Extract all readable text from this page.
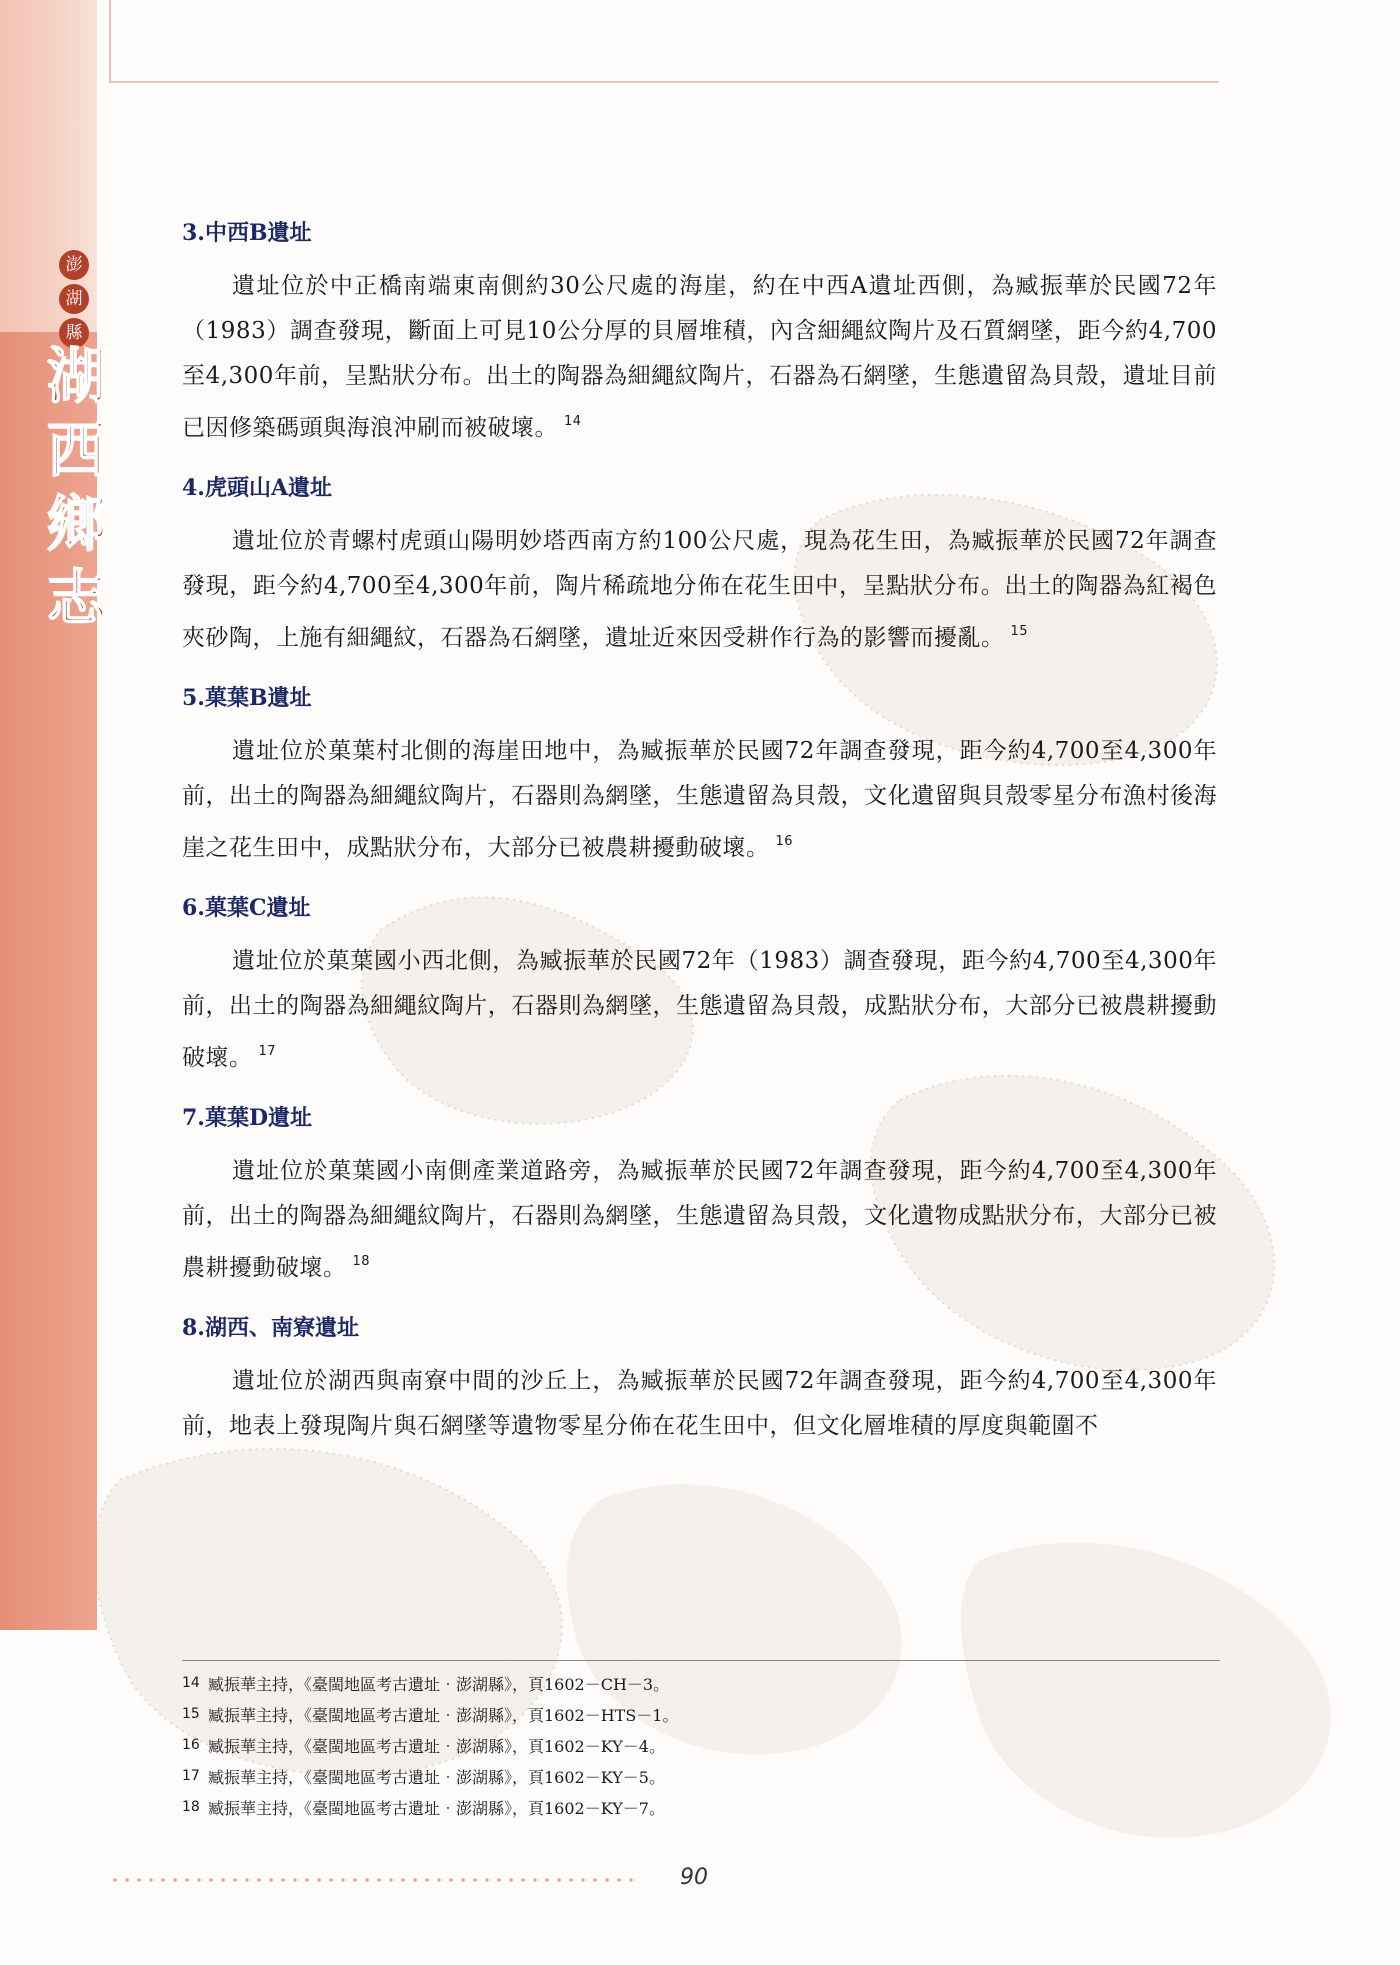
澎
湖
縣
湖
西
鄉
志
3.中西B遺址

遺址位於中正橋南端東南側約30公尺處的海崖，約在中西A遺址西側，為臧振華於民國72年（1983）調查發現，斷面上可見10公分厚的貝層堆積，內含細繩紋陶片及石質網墜，距今約4,700至4,300年前，呈點狀分布。出土的陶器為細繩紋陶片，石器為石網墜，生態遺留為貝殼，遺址目前已因修築碼頭與海浪沖刷而被破壞。 $^{14}$

4.虎頭山A遺址

遺址位於青螺村虎頭山陽明妙塔西南方約100公尺處，現為花生田，為臧振華於民國72年調查發現，距今約4,700至4,300年前，陶片稀疏地分佈在花生田中，呈點狀分布。出土的陶器為紅褐色夾砂陶，上施有細繩紋，石器為石網墜，遺址近來因受耕作行為的影響而擾亂。 $^{15}$

5.菓葉B遺址

遺址位於菓葉村北側的海崖田地中，為臧振華於民國72年調查發現，距今約4,700至4,300年前，出土的陶器為細繩紋陶片，石器則為網墜，生態遺留為貝殼，文化遺留與貝殼零星分布漁村後海崖之花生田中，成點狀分布，大部分已被農耕擾動破壞。 $^{16}$

6.菓葉C遺址

遺址位於菓葉國小西北側，為臧振華於民國72年（1983）調查發現，距今約4,700至4,300年前，出土的陶器為細繩紋陶片，石器則為網墜，生態遺留為貝殼，成點狀分布，大部分已被農耕擾動破壞。 $^{17}$

7.菓葉D遺址

遺址位於菓葉國小南側產業道路旁，為臧振華於民國72年調查發現，距今約4,700至4,300年前，出土的陶器為細繩紋陶片，石器則為網墜，生態遺留為貝殼，文化遺物成點狀分布，大部分已被農耕擾動破壞。 $^{18}$

8.湖西、南寮遺址

遺址位於湖西與南寮中間的沙丘上，為臧振華於民國72年調查發現，距今約4,700至4,300年前，地表上發現陶片與石網墜等遺物零星分佈在花生田中，但文化層堆積的厚度與範圍不

14 臧振華主持，《臺閩地區考古遺址‧澎湖縣》，頁1602－CH－3。
15 臧振華主持，《臺閩地區考古遺址‧澎湖縣》，頁1602－HTS－1。
16 臧振華主持，《臺閩地區考古遺址‧澎湖縣》，頁1602－KY－4。
17 臧振華主持，《臺閩地區考古遺址‧澎湖縣》，頁1602－KY－5。
18 臧振華主持，《臺閩地區考古遺址‧澎湖縣》，頁1602－KY－7。
90
